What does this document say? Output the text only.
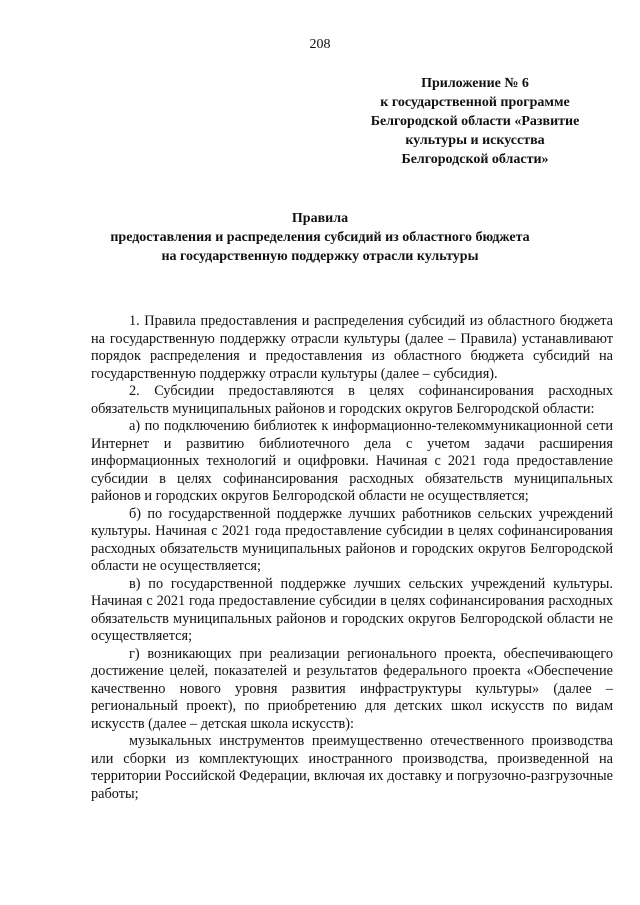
208
Приложение № 6
к государственной программе
Белгородской области «Развитие
культуры и искусства
Белгородской области»
Правила
предоставления и распределения субсидий из областного бюджета
на государственную поддержку отрасли культуры

1. Правила предоставления и распределения субсидий из областного бюджета на государственную поддержку отрасли культуры (далее – Правила) устанавливают порядок распределения и предоставления из областного бюджета субсидий на государственную поддержку отрасли культуры (далее – субсидия).

2. Субсидии предоставляются в целях софинансирования расходных обязательств муниципальных районов и городских округов Белгородской области:

а) по подключению библиотек к информационно-телекоммуникационной сети Интернет и развитию библиотечного дела с учетом задачи расширения информационных технологий и оцифровки. Начиная с 2021 года предоставление субсидии в целях софинансирования расходных обязательств муниципальных районов и городских округов Белгородской области не осуществляется;

б) по государственной поддержке лучших работников сельских учреждений культуры. Начиная с 2021 года предоставление субсидии в целях софинансирования расходных обязательств муниципальных районов и городских округов Белгородской области не осуществляется;

в) по государственной поддержке лучших сельских учреждений культуры. Начиная с 2021 года предоставление субсидии в целях софинансирования расходных обязательств муниципальных районов и городских округов Белгородской области не осуществляется;

г) возникающих при реализации регионального проекта, обеспечивающего достижение целей, показателей и результатов федерального проекта «Обеспечение качественно нового уровня развития инфраструктуры культуры» (далее – региональный проект), по приобретению для детских школ искусств по видам искусств (далее – детская школа искусств):

музыкальных инструментов преимущественно отечественного производства или сборки из комплектующих иностранного производства, произведенной на территории Российской Федерации, включая их доставку и погрузочно-разгрузочные работы;
